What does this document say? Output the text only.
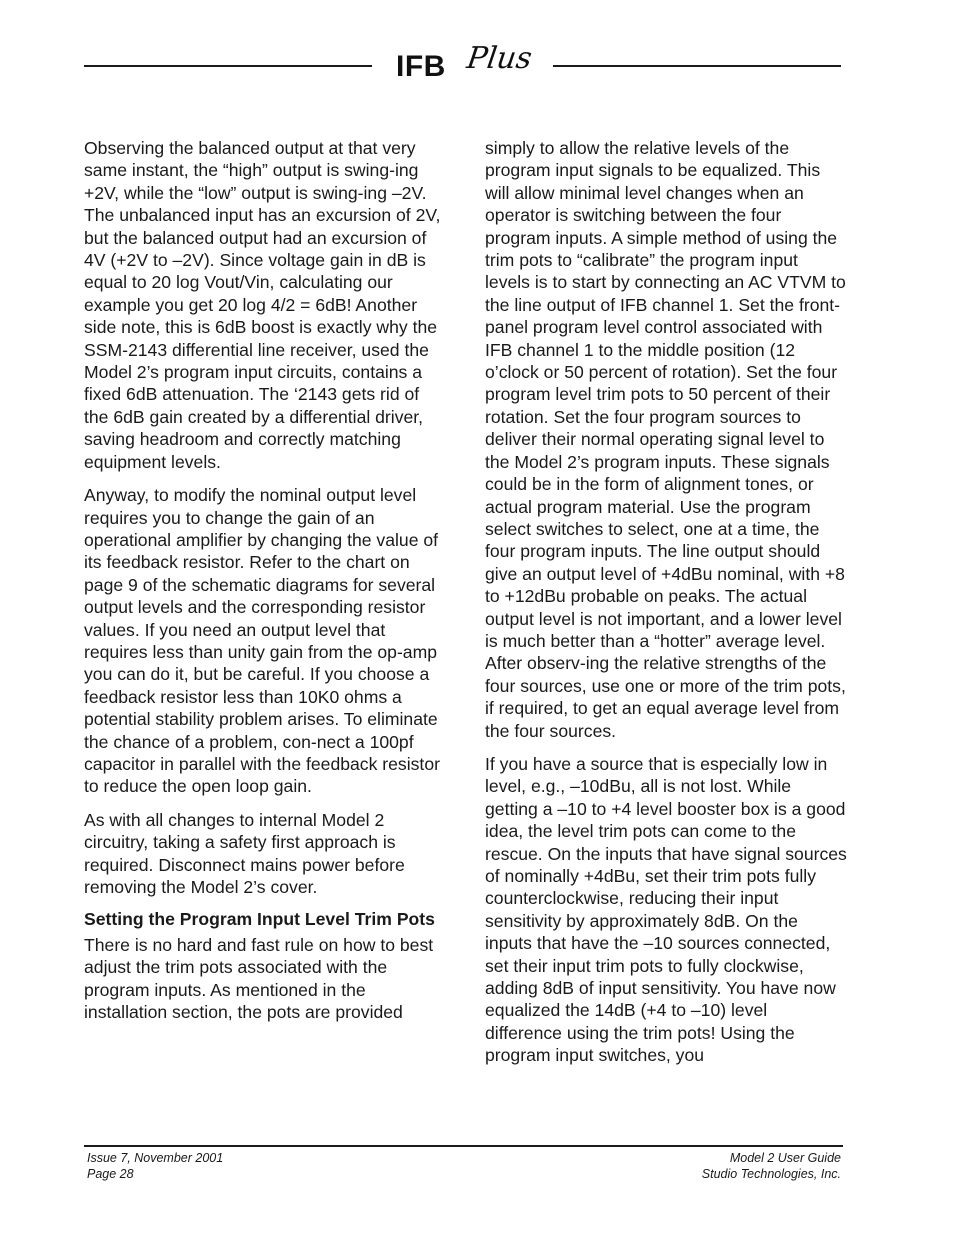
IFB Plus

Observing the balanced output at that very same instant, the “high” output is swing-ing +2V, while the “low” output is swing-ing –2V. The unbalanced input has an excursion of 2V, but the balanced output had an excursion of 4V (+2V to –2V). Since voltage gain in dB is equal to 20 log Vout/Vin, calculating our example you get 20 log 4/2 = 6dB! Another side note, this is 6dB boost is exactly why the SSM-2143 differential line receiver, used the Model 2’s program input circuits, contains a fixed 6dB attenuation. The ‘2143 gets rid of the 6dB gain created by a differential driver, saving headroom and correctly matching equipment levels.

Anyway, to modify the nominal output level requires you to change the gain of an operational amplifier by changing the value of its feedback resistor. Refer to the chart on page 9 of the schematic diagrams for several output levels and the corresponding resistor values. If you need an output level that requires less than unity gain from the op-amp you can do it, but be careful. If you choose a feedback resistor less than 10K0 ohms a potential stability problem arises. To eliminate the chance of a problem, con-nect a 100pf capacitor in parallel with the feedback resistor to reduce the open loop gain.

As with all changes to internal Model 2 circuitry, taking a safety first approach is required. Disconnect mains power before removing the Model 2’s cover.

Setting the Program Input Level Trim Pots

There is no hard and fast rule on how to best adjust the trim pots associated with the program inputs. As mentioned in the installation section, the pots are provided

simply to allow the relative levels of the program input signals to be equalized. This will allow minimal level changes when an operator is switching between the four program inputs. A simple method of using the trim pots to “calibrate” the program input levels is to start by connecting an AC VTVM to the line output of IFB channel 1. Set the front-panel program level control associated with IFB channel 1 to the middle position (12 o’clock or 50 percent of rotation). Set the four program level trim pots to 50 percent of their rotation. Set the four program sources to deliver their normal operating signal level to the Model 2’s program inputs. These signals could be in the form of alignment tones, or actual program material. Use the program select switches to select, one at a time, the four program inputs. The line output should give an output level of +4dBu nominal, with +8 to +12dBu probable on peaks. The actual output level is not important, and a lower level is much better than a “hotter” average level. After observ-ing the relative strengths of the four sources, use one or more of the trim pots, if required, to get an equal average level from the four sources.

If you have a source that is especially low in level, e.g., –10dBu, all is not lost. While getting a –10 to +4 level booster box is a good idea, the level trim pots can come to the rescue. On the inputs that have signal sources of nominally +4dBu, set their trim pots fully counterclockwise, reducing their input sensitivity by approximately 8dB. On the inputs that have the –10 sources connected, set their input trim pots to fully clockwise, adding 8dB of input sensitivity. You have now equalized the 14dB (+4 to –10) level difference using the trim pots! Using the program input switches, you

Issue 7, November 2001
Page 28
Model 2 User Guide
Studio Technologies, Inc.
